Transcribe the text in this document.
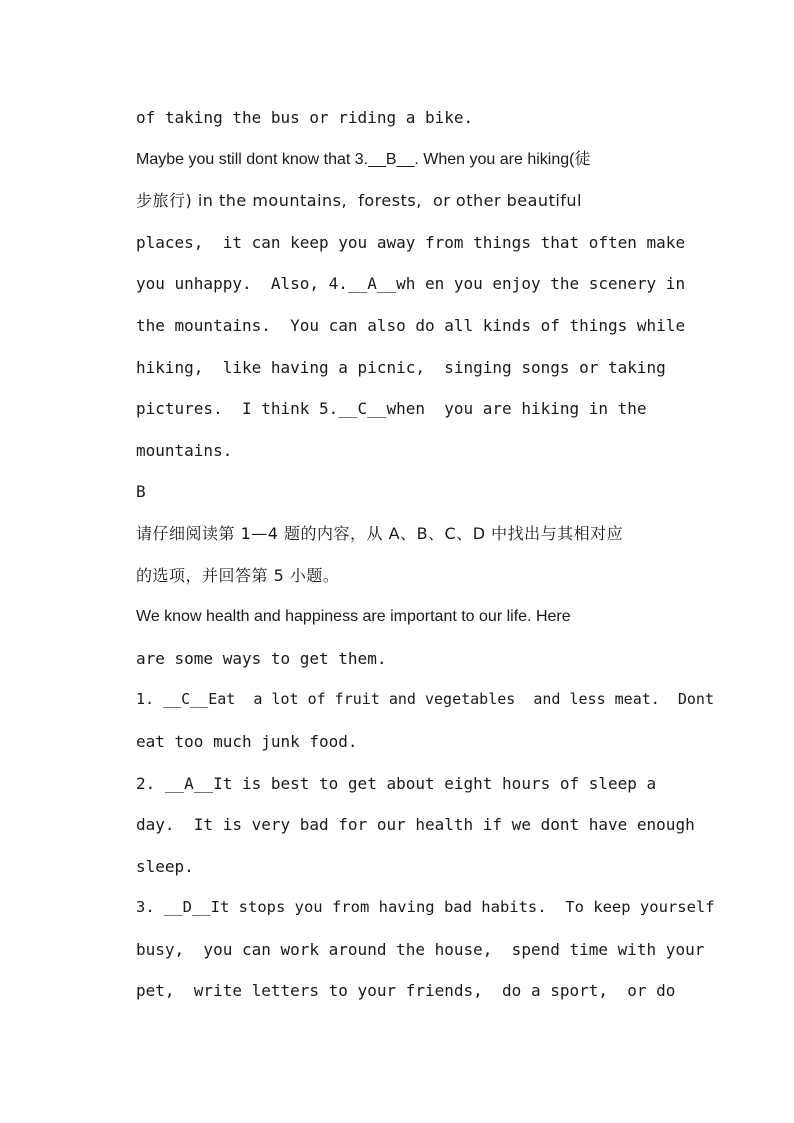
of taking the bus or riding a bike.
Maybe you still dont know that 3.__B__. When you are hiking(徒
步旅行) in the mountains,  forests,  or other beautiful
places,  it can keep you away from things that often make
you unhappy.  Also, 4.__A__wh en you enjoy the scenery in
the mountains.  You can also do all kinds of things while
hiking,  like having a picnic,  singing songs or taking
pictures.  I think 5.__C__when  you are hiking in the
mountains.
B
请仔细阅读第 1—4 题的内容，从 A、B、C、D 中找出与其相对应
的选项，并回答第 5 小题。
We know health and happiness are important to our life. Here
are some ways to get them.
1. __C__Eat  a lot of fruit and vegetables  and less meat.  Dont
eat too much junk food.
2. __A__It is best to get about eight hours of sleep a
day.  It is very bad for our health if we dont have enough
sleep.
3. __D__It stops you from having bad habits.  To keep yourself
busy,  you can work around the house,  spend time with your
pet,  write letters to your friends,  do a sport,  or do
